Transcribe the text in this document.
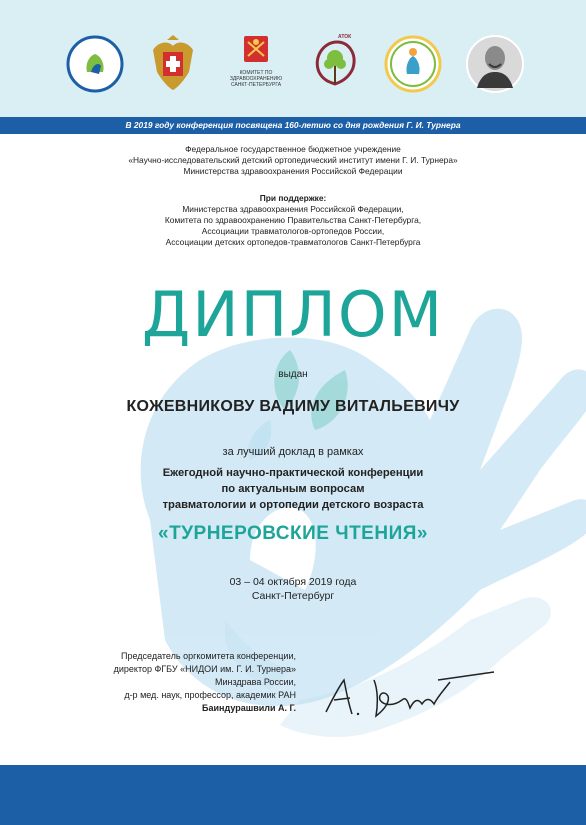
КОМИТЕТ ПО ЗДРАВООХРАНЕНИЮ САНКТ-ПЕТЕРБУРГА
АТОК
В 2019 году конференция посвящена 160-летию со дня рождения Г. И. Турнера
Федеральное государственное бюджетное учреждение
«Научно-исследовательский детский ортопедический институт имени Г. И. Турнера»
Министерства здравоохранения Российской Федерации
При поддержке:
Министерства здравоохранения Российской Федерации,
Комитета по здравоохранению Правительства Санкт-Петербурга,
Ассоциации травматологов-ортопедов России,
Ассоциации детских ортопедов-травматологов Санкт-Петербурга
ДИПЛОМ
выдан
КОЖЕВНИКОВУ ВАДИМУ ВИТАЛЬЕВИЧУ
за лучший доклад в рамках
Ежегодной научно-практической конференции
по актуальным вопросам
травматологии и ортопедии детского возраста
«ТУРНЕРОВСКИЕ ЧТЕНИЯ»
03 – 04 октября 2019 года
Санкт-Петербург
Председатель оргкомитета конференции,
директор ФГБУ «НИДОИ им. Г. И. Турнера»
Минздрава России,
д-р мед. наук, профессор, академик РАН
Баиндурашвили А. Г.
